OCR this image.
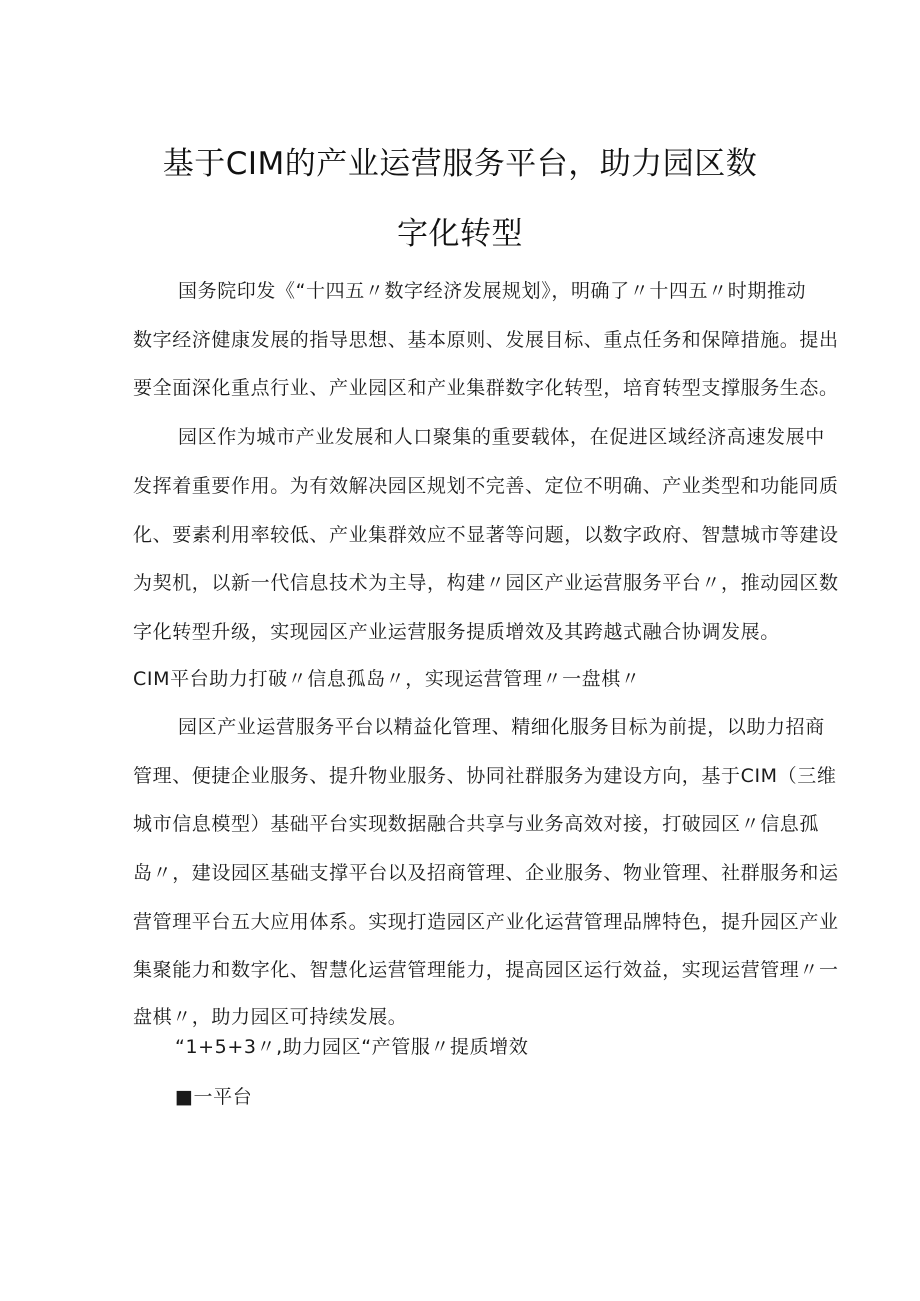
基于CIM的产业运营服务平台，助力园区数
字化转型
国务院印发《“十四五〃数字经济发展规划》，明确了〃十四五〃时期推动
数字经济健康发展的指导思想、基本原则、发展目标、重点任务和保障措施。提出
要全面深化重点行业、产业园区和产业集群数字化转型，培育转型支撑服务生态。
园区作为城市产业发展和人口聚集的重要载体，在促进区域经济高速发展中
发挥着重要作用。为有效解决园区规划不完善、定位不明确、产业类型和功能同质
化、要素利用率较低、产业集群效应不显著等问题，以数字政府、智慧城市等建设
为契机，以新一代信息技术为主导，构建〃园区产业运营服务平台〃，推动园区数
字化转型升级，实现园区产业运营服务提质增效及其跨越式融合协调发展。
CIM平台助力打破〃信息孤岛〃，实现运营管理〃一盘棋〃
园区产业运营服务平台以精益化管理、精细化服务目标为前提，以助力招商
管理、便捷企业服务、提升物业服务、协同社群服务为建设方向，基于CIM（三维
城市信息模型）基础平台实现数据融合共享与业务高效对接，打破园区〃信息孤
岛〃，建设园区基础支撑平台以及招商管理、企业服务、物业管理、社群服务和运
营管理平台五大应用体系。实现打造园区产业化运营管理品牌特色，提升园区产业
集聚能力和数字化、智慧化运营管理能力，提高园区运行效益，实现运营管理〃一
盘棋〃，助力园区可持续发展。
“1+5+3〃,助力园区“产管服〃提质增效
■一平台
